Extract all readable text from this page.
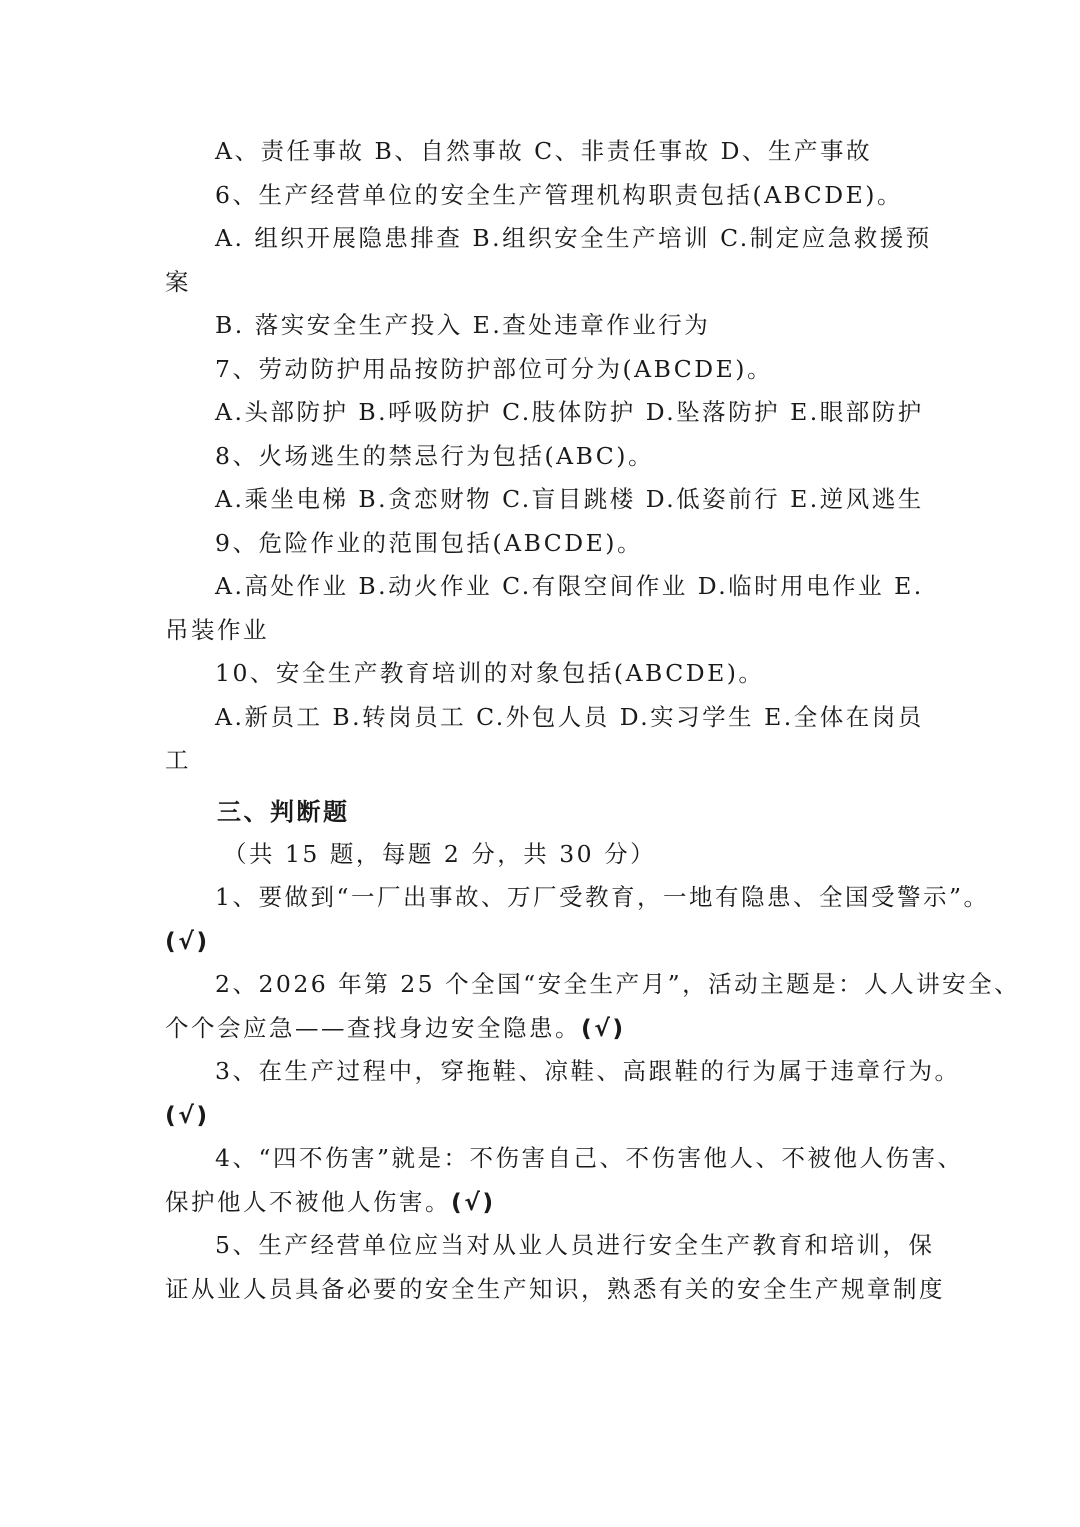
A、责任事故 B、自然事故 C、非责任事故 D、生产事故
6、生产经营单位的安全生产管理机构职责包括(ABCDE)。
A. 组织开展隐患排查 B.组织安全生产培训 C.制定应急救援预
案
B. 落实安全生产投入 E.查处违章作业行为
7、劳动防护用品按防护部位可分为(ABCDE)。
A.头部防护 B.呼吸防护 C.肢体防护 D.坠落防护 E.眼部防护
8、火场逃生的禁忌行为包括(ABC)。
A.乘坐电梯 B.贪恋财物 C.盲目跳楼 D.低姿前行 E.逆风逃生
9、危险作业的范围包括(ABCDE)。
A.高处作业 B.动火作业 C.有限空间作业 D.临时用电作业 E.
吊装作业
10、安全生产教育培训的对象包括(ABCDE)。
A.新员工 B.转岗员工 C.外包人员 D.实习学生 E.全体在岗员
工
三、判断题
（共 15 题，每题 2 分，共 30 分）
1、要做到“一厂出事故、万厂受教育，一地有隐患、全国受警示”。
(√)
2、2026 年第 25 个全国“安全生产月”，活动主题是：人人讲安全、
个个会应急——查找身边安全隐患。(√)
3、在生产过程中，穿拖鞋、凉鞋、高跟鞋的行为属于违章行为。
(√)
4、“四不伤害”就是：不伤害自己、不伤害他人、不被他人伤害、
保护他人不被他人伤害。(√)
5、生产经营单位应当对从业人员进行安全生产教育和培训，保
证从业人员具备必要的安全生产知识，熟悉有关的安全生产规章制度
